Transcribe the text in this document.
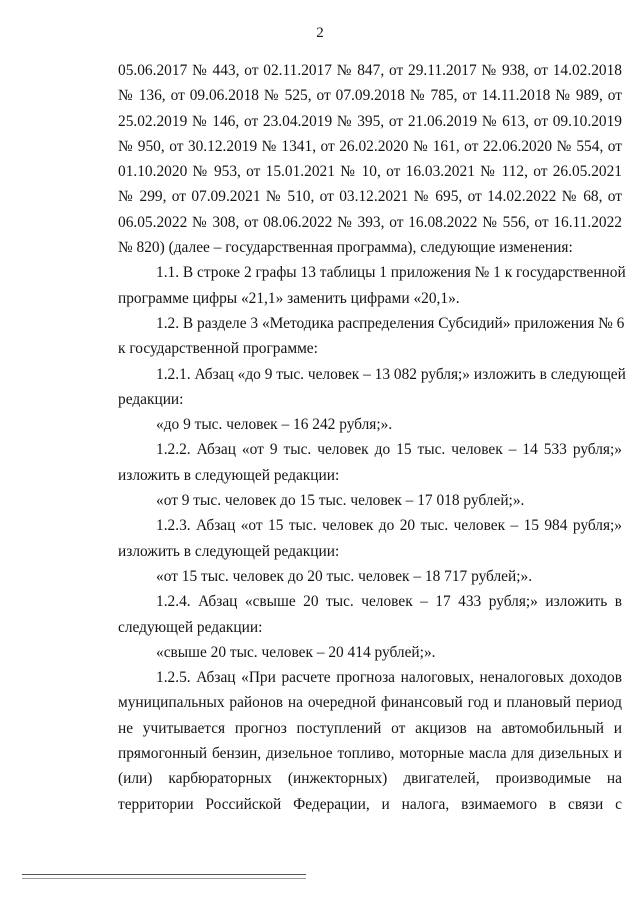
2
05.06.2017 № 443, от 02.11.2017 № 847, от 29.11.2017 № 938, от 14.02.2018
№ 136, от 09.06.2018 № 525, от 07.09.2018 № 785, от 14.11.2018 № 989, от
25.02.2019 № 146, от 23.04.2019 № 395, от 21.06.2019 № 613, от 09.10.2019
№ 950, от 30.12.2019 № 1341, от 26.02.2020 № 161, от 22.06.2020 № 554, от
01.10.2020 № 953, от 15.01.2021 № 10, от 16.03.2021 № 112, от 26.05.2021
№ 299, от 07.09.2021 № 510, от 03.12.2021 № 695, от 14.02.2022 № 68, от
06.05.2022 № 308, от 08.06.2022 № 393, от 16.08.2022 № 556, от 16.11.2022
№ 820) (далее – государственная программа), следующие изменения:
1.1. В строке 2 графы 13 таблицы 1 приложения № 1 к государственной
программе цифры «21,1» заменить цифрами «20,1».
1.2. В разделе 3 «Методика распределения Субсидий» приложения № 6
к государственной программе:
1.2.1. Абзац «до 9 тыс. человек – 13 082 рубля;» изложить в следующей
редакции:
«до 9 тыс. человек – 16 242 рубля;».
1.2.2. Абзац «от 9 тыс. человек до 15 тыс. человек – 14 533 рубля;»
изложить в следующей редакции:
«от 9 тыс. человек до 15 тыс. человек – 17 018 рублей;».
1.2.3. Абзац «от 15 тыс. человек до 20 тыс. человек – 15 984 рубля;»
изложить в следующей редакции:
«от 15 тыс. человек до 20 тыс. человек – 18 717 рублей;».
1.2.4. Абзац «свыше 20 тыс. человек – 17 433 рубля;» изложить в
следующей редакции:
«свыше 20 тыс. человек – 20 414 рублей;».
1.2.5. Абзац «При расчете прогноза налоговых, неналоговых доходов
муниципальных районов на очередной финансовый год и плановый период
не учитывается прогноз поступлений от акцизов на автомобильный и
прямогонный бензин, дизельное топливо, моторные масла для дизельных и
(или) карбюраторных (инжекторных) двигателей, производимые на
территории Российской Федерации, и налога, взимаемого в связи с
